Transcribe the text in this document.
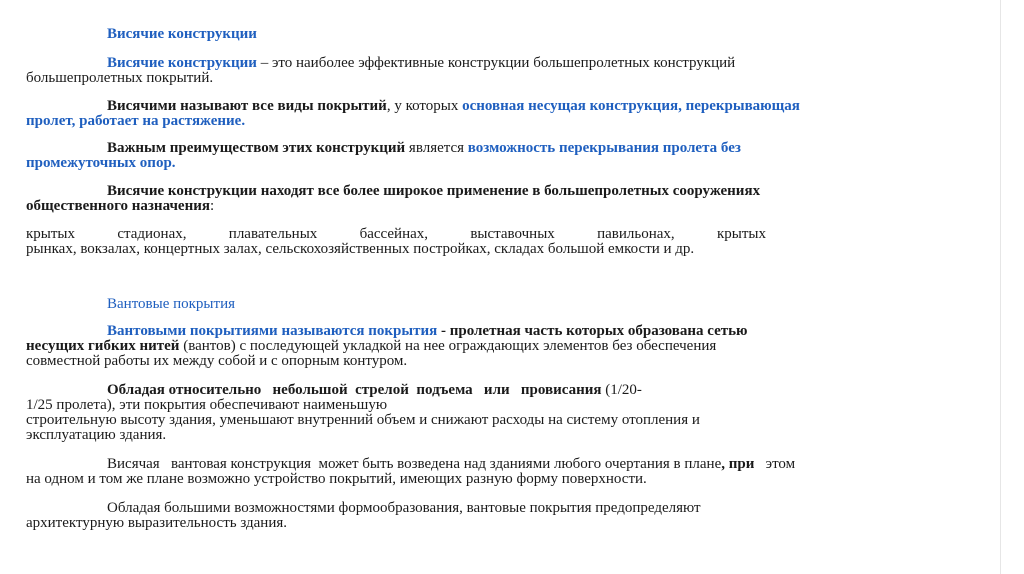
Висячие конструкции
Висячие конструкции – это наиболее эффективные конструкции большепролетных конструкций
большепролетных покрытий.
Висячими называют все виды покрытий, у которых основная несущая конструкция, перекрывающая
пролет, работает на растяжение.
Важным преимуществом этих конструкций является возможность перекрывания пролета без
промежуточных опор.
Висячие конструкции находят все более широкое применение в большепролетных сооружениях
общественного назначения:
крытых стадионах, плавательных бассейнах, выставочных павильонах, крытых
рынках, вокзалах, концертных залах, сельскохозяйственных постройках, складах большой емкости и др.
Вантовые покрытия
Вантовыми покрытиями называются покрытия - пролетная часть которых образована сетью
несущих гибких нитей (вантов) с последующей укладкой на нее ограждающих элементов без обеспечения
совместной работы их между собой и с опорным контуром.
Обладая относительно   небольшой  стрелой  подъема   или   провисания (1/20-
1/25 пролета), эти покрытия обеспечивают наименьшую
строительную высоту здания, уменьшают внутренний объем и снижают расходы на систему отопления и
эксплуатацию здания.
Висячая   вантовая конструкция  может быть возведена над зданиями любого очертания в плане, при   этом
на одном и том же плане возможно устройство покрытий, имеющих разную форму поверхности.
Обладая большими возможностями формообразования, вантовые покрытия предопределяют
архитектурную выразительность здания.
